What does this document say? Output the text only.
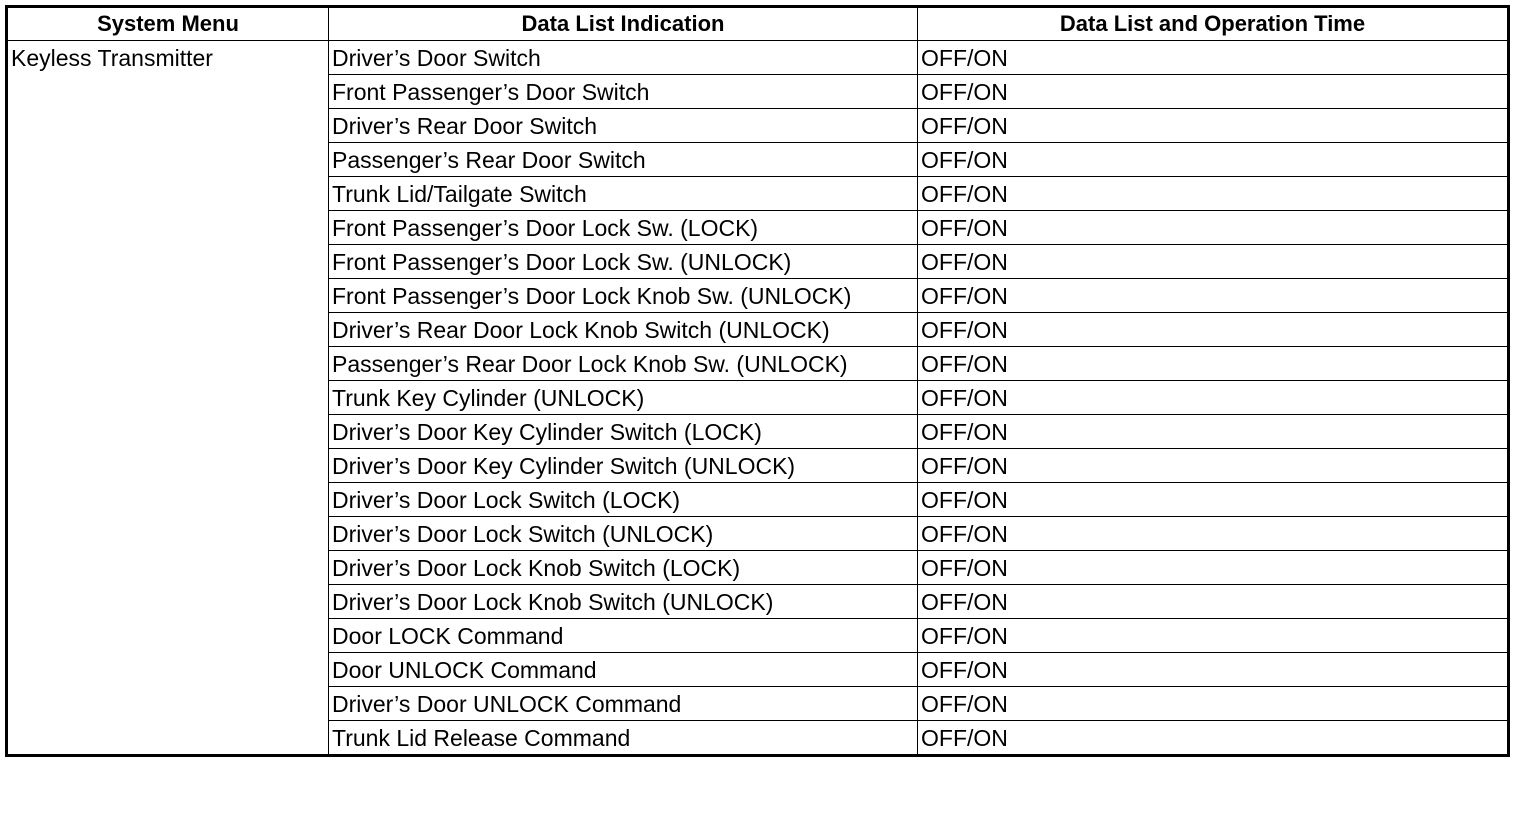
System Menu	Data List Indication	Data List and Operation Time
Keyless Transmitter	Driver’s Door Switch	OFF/ON
	Front Passenger’s Door Switch	OFF/ON
	Driver’s Rear Door Switch	OFF/ON
	Passenger’s Rear Door Switch	OFF/ON
	Trunk Lid/Tailgate Switch	OFF/ON
	Front Passenger’s Door Lock Sw. (LOCK)	OFF/ON
	Front Passenger’s Door Lock Sw. (UNLOCK)	OFF/ON
	Front Passenger’s Door Lock Knob Sw. (UNLOCK)	OFF/ON
	Driver’s Rear Door Lock Knob Switch (UNLOCK)	OFF/ON
	Passenger’s Rear Door Lock Knob Sw. (UNLOCK)	OFF/ON
	Trunk Key Cylinder (UNLOCK)	OFF/ON
	Driver’s Door Key Cylinder Switch (LOCK)	OFF/ON
	Driver’s Door Key Cylinder Switch (UNLOCK)	OFF/ON
	Driver’s Door Lock Switch (LOCK)	OFF/ON
	Driver’s Door Lock Switch (UNLOCK)	OFF/ON
	Driver’s Door Lock Knob Switch (LOCK)	OFF/ON
	Driver’s Door Lock Knob Switch (UNLOCK)	OFF/ON
	Door LOCK Command	OFF/ON
	Door UNLOCK Command	OFF/ON
	Driver’s Door UNLOCK Command	OFF/ON
	Trunk Lid Release Command	OFF/ON
